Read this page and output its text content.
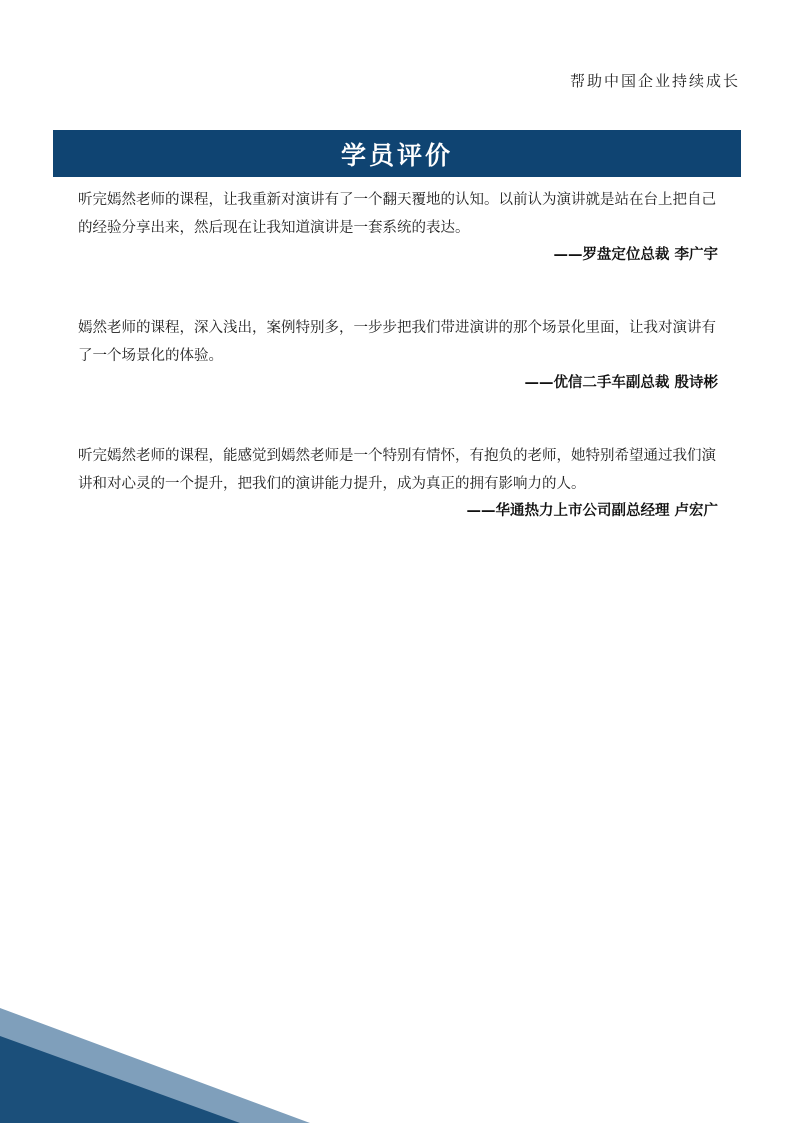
帮助中国企业持续成长
学员评价

听完嫣然老师的课程，让我重新对演讲有了一个翻天覆地的认知。以前认为演讲就是站在台上把自己的经验分享出来，然后现在让我知道演讲是一套系统的表达。

——罗盘定位总裁 李广宇

嫣然老师的课程，深入浅出，案例特别多，一步步把我们带进演讲的那个场景化里面，让我对演讲有了一个场景化的体验。

——优信二手车副总裁 殷诗彬

听完嫣然老师的课程，能感觉到嫣然老师是一个特别有情怀，有抱负的老师，她特别希望通过我们演讲和对心灵的一个提升，把我们的演讲能力提升，成为真正的拥有影响力的人。

——华通热力上市公司副总经理 卢宏广
